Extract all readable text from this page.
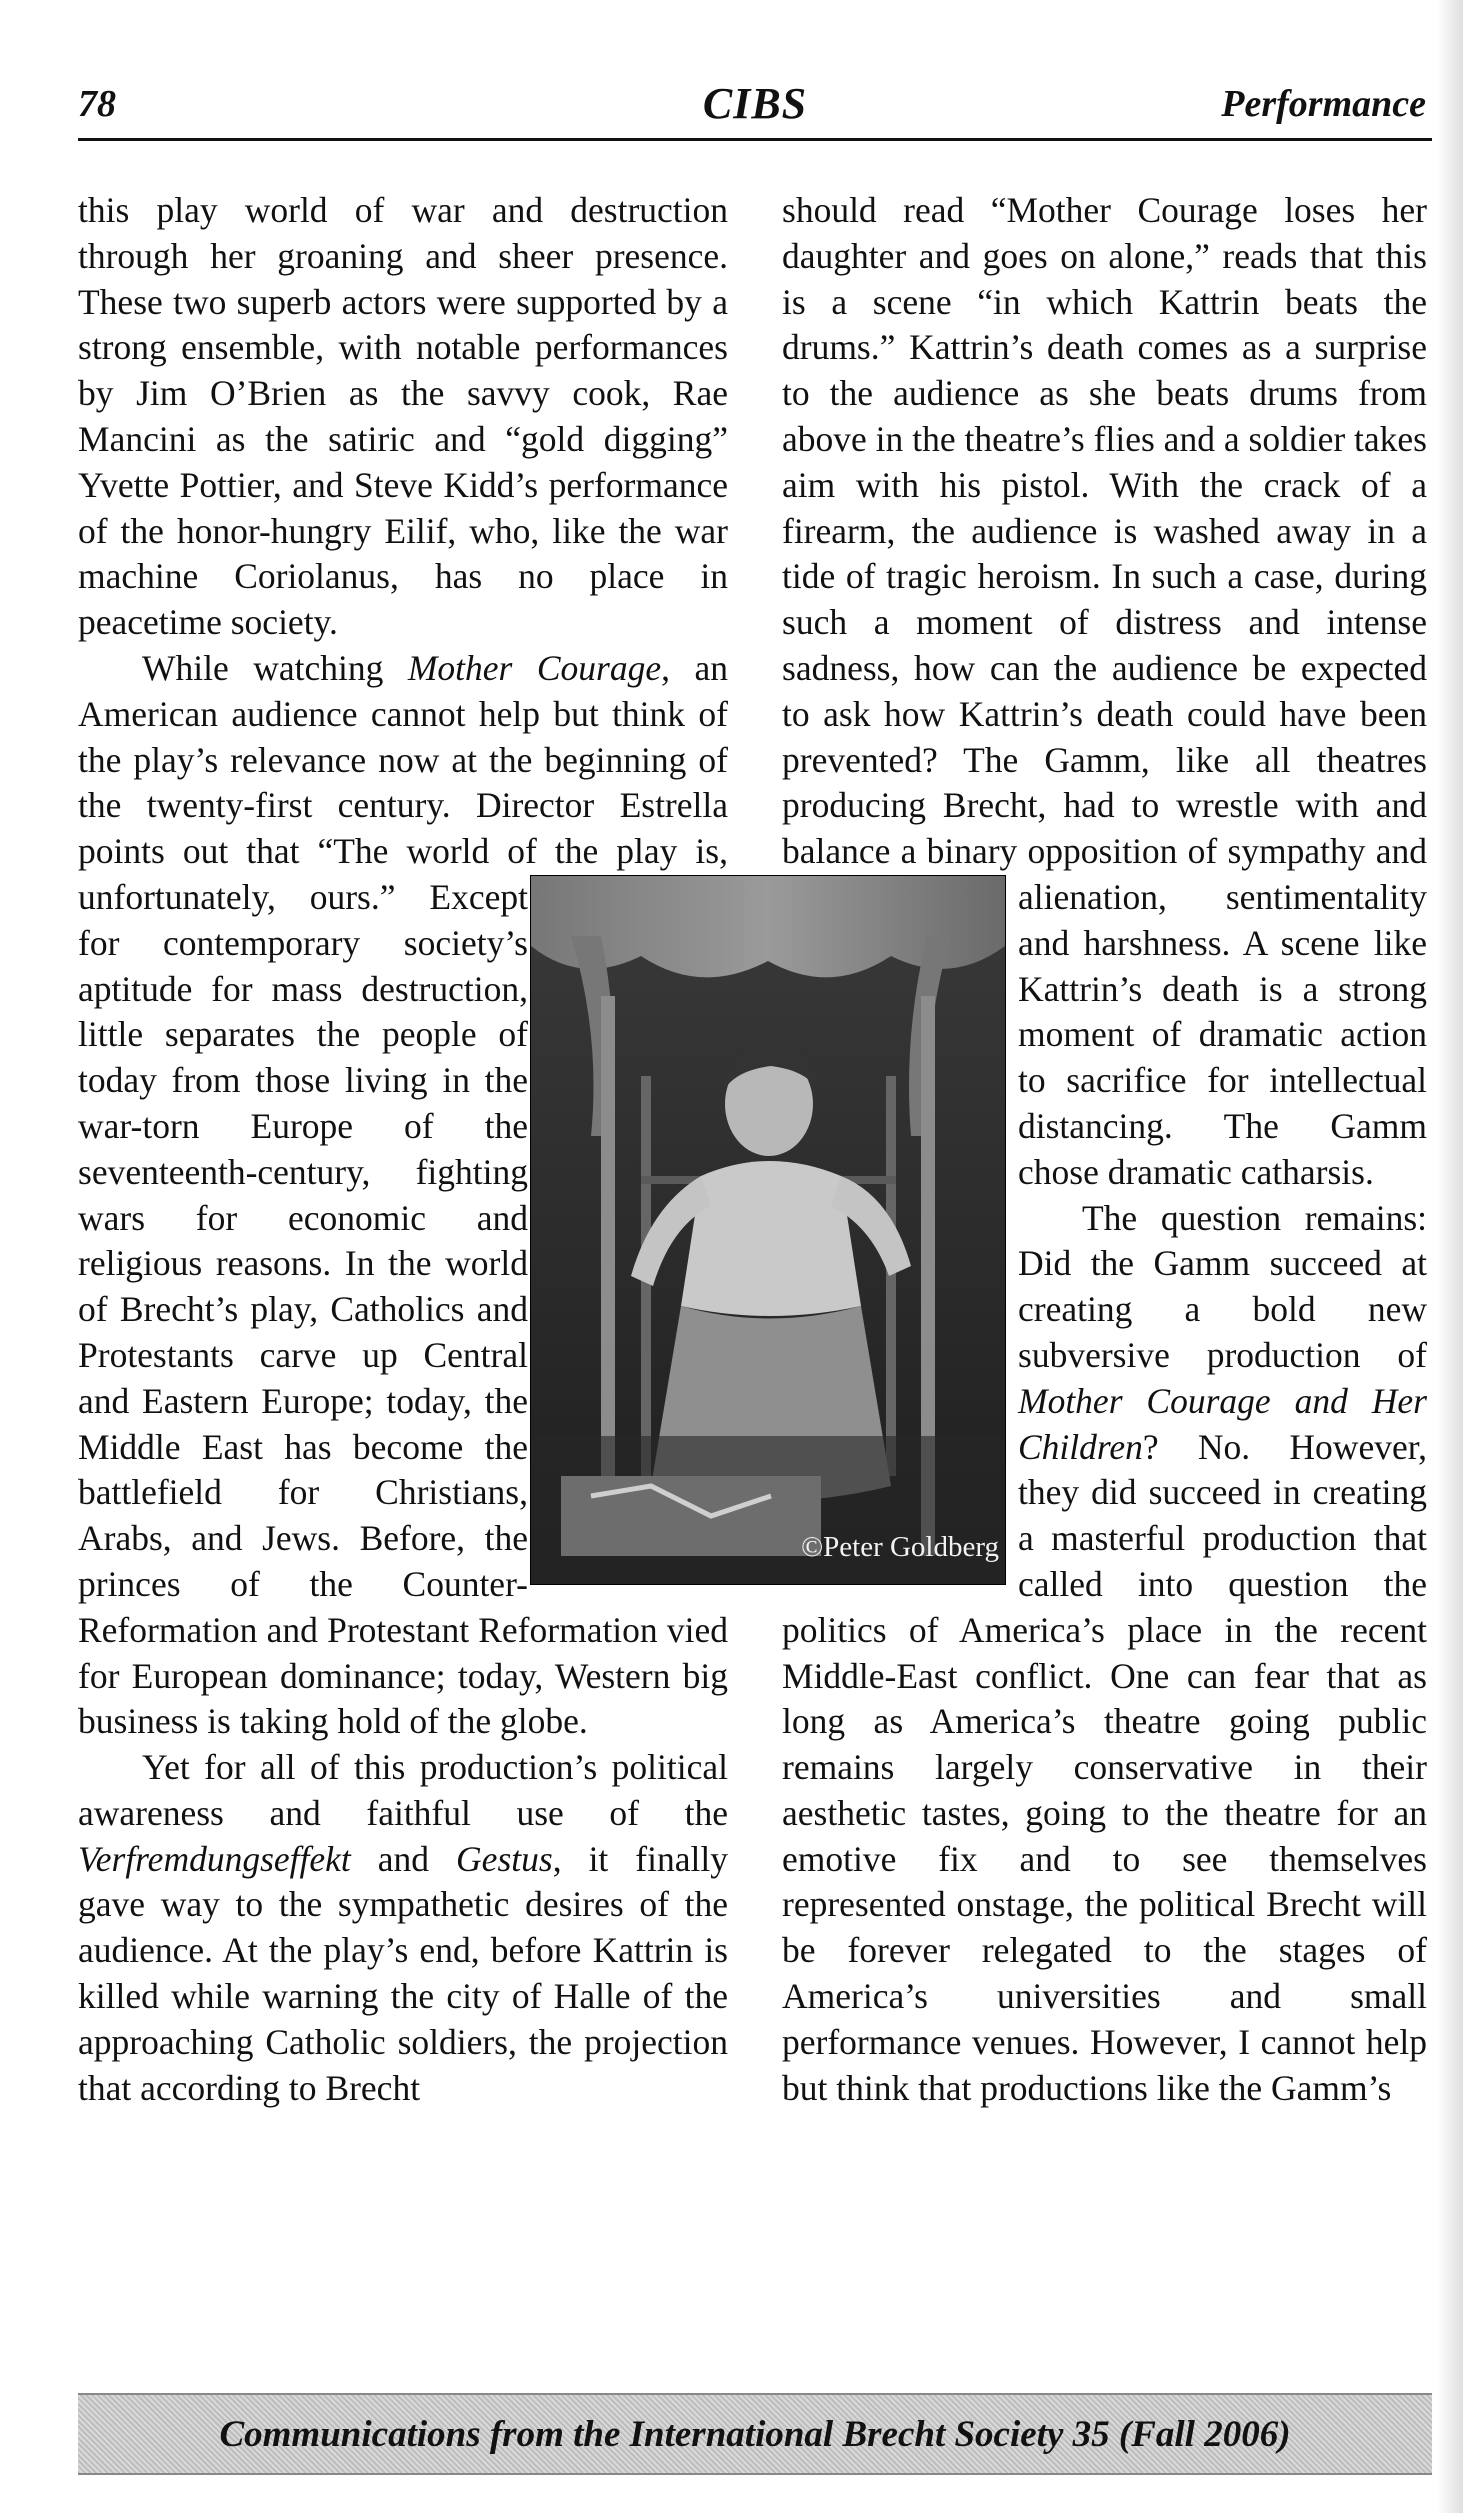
78	CIBS	Performance

this play world of war and destruction through her groaning and sheer presence. These two superb actors were supported by a strong ensemble, with notable performances by Jim O’Brien as the savvy cook, Rae Mancini as the satiric and “gold digging” Yvette Pottier, and Steve Kidd’s performance of the honor-hungry Eilif, who, like the war machine Coriolanus, has no place in peacetime society.

While watching Mother Courage, an American audience cannot help but think of the play’s relevance now at the beginning of the twenty-first century. Director Estrella points out that “The world of the play is, unfortunately, ours.” Except for contemporary society’s aptitude for mass destruction, little separates the people of today from those living in the war-torn Europe of the seventeenth-century, fighting wars for economic and religious reasons. In the world of Brecht’s play, Catholics and Protestants carve up Central and Eastern Europe; today, the Middle East has become the battlefield for Christians, Arabs, and Jews. Before, the princes of the Counter-Reformation and Protestant Reformation vied for European dominance; today, Western big business is taking hold of the globe.

Yet for all of this production’s political awareness and faithful use of the Verfremdungseffekt and Gestus, it finally gave way to the sympathetic desires of the audience. At the play’s end, before Kattrin is killed while warning the city of Halle of the approaching Catholic soldiers, the projection that according to Brecht

should read “Mother Courage loses her daughter and goes on alone,” reads that this is a scene “in which Kattrin beats the drums.” Kattrin’s death comes as a surprise to the audience as she beats drums from above in the theatre’s flies and a soldier takes aim with his pistol. With the crack of a firearm, the audience is washed away in a tide of tragic heroism. In such a case, during such a moment of distress and intense sadness, how can the audience be expected to ask how Kattrin’s death could have been prevented? The Gamm, like all theatres producing Brecht, had to wrestle with and balance a binary opposition of sympathy and alienation, sentimentality and harshness. A scene like Kattrin’s death is a strong moment of dramatic action to sacrifice for intellectual distancing. The Gamm chose dramatic catharsis.

The question remains: Did the Gamm succeed at creating a bold new subversive production of Mother Courage and Her Children? No. However, they did succeed in creating a masterful production that called into question the politics of America’s place in the recent Middle-East conflict. One can fear that as long as America’s theatre going public remains largely conservative in their aesthetic tastes, going to the theatre for an emotive fix and to see themselves represented onstage, the political Brecht will be forever relegated to the stages of America’s universities and small performance venues. However, I cannot help but think that productions like the Gamm’s

©Peter Goldberg
Communications from the International Brecht Society 35 (Fall 2006)
